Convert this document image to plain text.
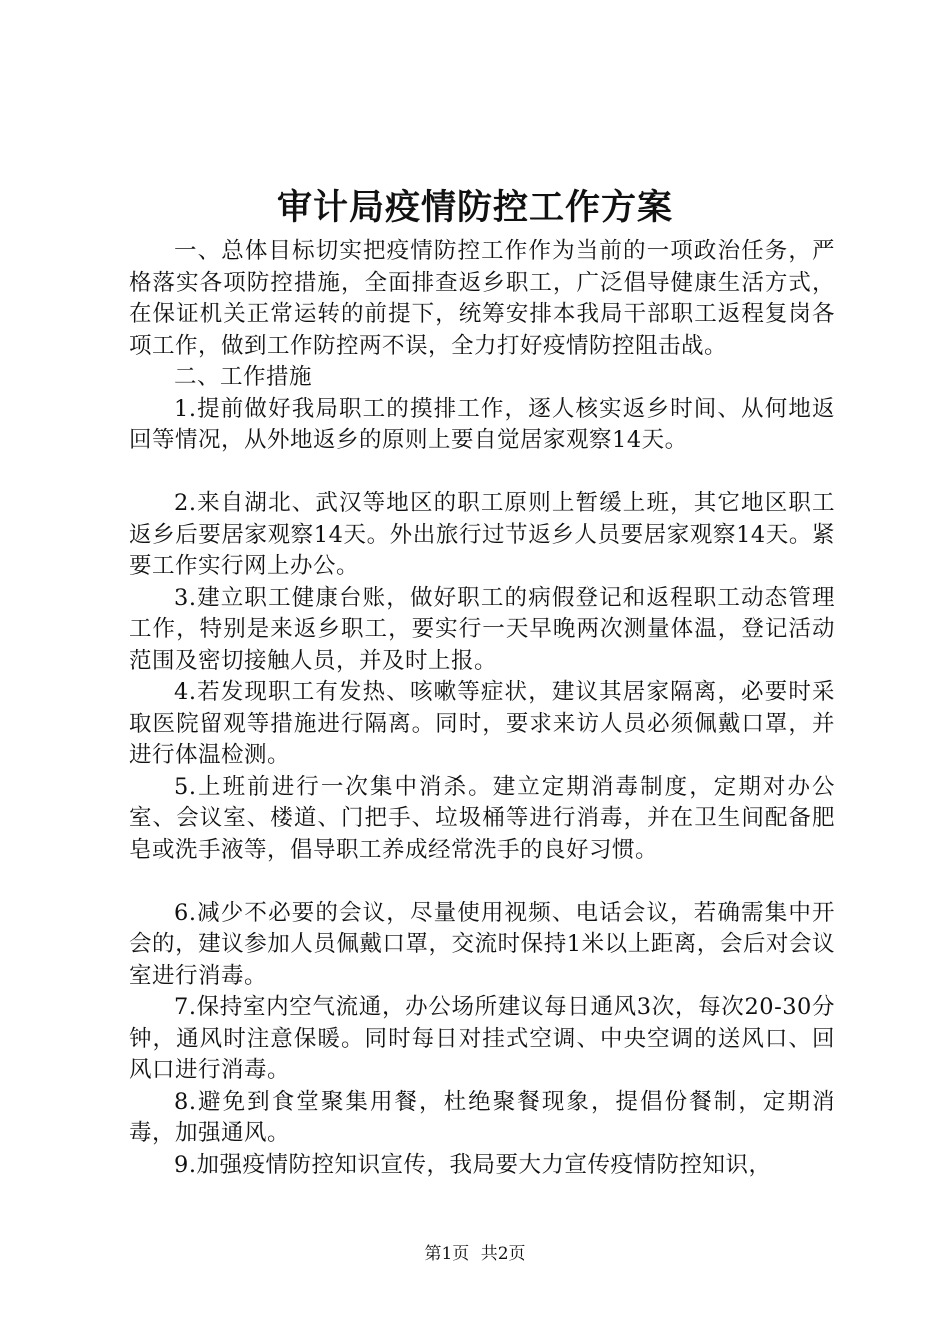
审计局疫情防控工作方案

一、总体目标切实把疫情防控工作作为当前的一项政治任务，严格落实各项防控措施，全面排查返乡职工，广泛倡导健康生活方式，在保证机关正常运转的前提下，统筹安排本我局干部职工返程复岗各项工作，做到工作防控两不误，全力打好疫情防控阻击战。

二、工作措施

1.提前做好我局职工的摸排工作，逐人核实返乡时间、从何地返回等情况，从外地返乡的原则上要自觉居家观察14天。

2.来自湖北、武汉等地区的职工原则上暂缓上班，其它地区职工返乡后要居家观察14天。外出旅行过节返乡人员要居家观察14天。紧要工作实行网上办公。

3.建立职工健康台账，做好职工的病假登记和返程职工动态管理工作，特别是来返乡职工，要实行一天早晚两次测量体温，登记活动范围及密切接触人员，并及时上报。

4.若发现职工有发热、咳嗽等症状，建议其居家隔离，必要时采取医院留观等措施进行隔离。同时，要求来访人员必须佩戴口罩，并进行体温检测。

5.上班前进行一次集中消杀。建立定期消毒制度，定期对办公室、会议室、楼道、门把手、垃圾桶等进行消毒，并在卫生间配备肥皂或洗手液等，倡导职工养成经常洗手的良好习惯。

6.减少不必要的会议，尽量使用视频、电话会议，若确需集中开会的，建议参加人员佩戴口罩，交流时保持1米以上距离，会后对会议室进行消毒。

7.保持室内空气流通，办公场所建议每日通风3次，每次20-30分钟，通风时注意保暖。同时每日对挂式空调、中央空调的送风口、回风口进行消毒。

8.避免到食堂聚集用餐，杜绝聚餐现象，提倡份餐制，定期消毒，加强通风。

9.加强疫情防控知识宣传，我局要大力宣传疫情防控知识，

第1页 共2页
